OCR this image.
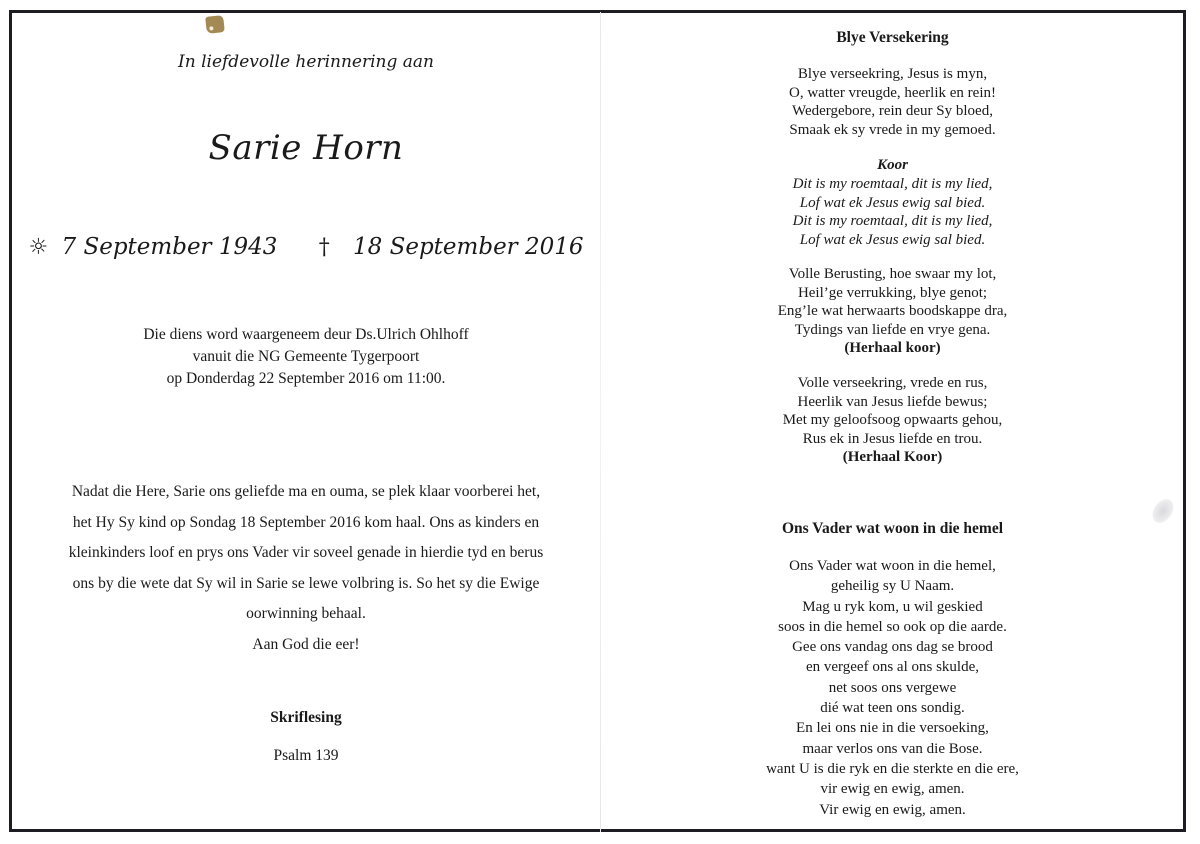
In liefdevolle herinnering aan
Sarie Horn
☼ 7 September 1943 † 18 September 2016
Die diens word waargeneem deur Ds.Ulrich Ohlhoff
vanuit die NG Gemeente Tygerpoort
op Donderdag 22 September 2016 om 11:00.
Nadat die Here, Sarie ons geliefde ma en ouma, se plek klaar voorberei het,
het Hy Sy kind op Sondag 18 September 2016 kom haal. Ons as kinders en
kleinkinders loof en prys ons Vader vir soveel genade in hierdie tyd en berus
ons by die wete dat Sy wil in Sarie se lewe volbring is. So het sy die Ewige
oorwinning behaal.
Aan God die eer!
Skriflesing
Psalm 139
Blye Versekering
Blye verseekring, Jesus is myn,
O, watter vreugde, heerlik en rein!
Wedergebore, rein deur Sy bloed,
Smaak ek sy vrede in my gemoed.
Koor
Dit is my roemtaal, dit is my lied,
Lof wat ek Jesus ewig sal bied.
Dit is my roemtaal, dit is my lied,
Lof wat ek Jesus ewig sal bied.
Volle Berusting, hoe swaar my lot,
Heil’ge verrukking, blye genot;
Eng’le wat herwaarts boodskappe dra,
Tydings van liefde en vrye gena.
(Herhaal koor)
Volle verseekring, vrede en rus,
Heerlik van Jesus liefde bewus;
Met my geloofsoog opwaarts gehou,
Rus ek in Jesus liefde en trou.
(Herhaal Koor)
Ons Vader wat woon in die hemel
Ons Vader wat woon in die hemel,
geheilig sy U Naam.
Mag u ryk kom, u wil geskied
soos in die hemel so ook op die aarde.
Gee ons vandag ons dag se brood
en vergeef ons al ons skulde,
net soos ons vergewe
dié wat teen ons sondig.
En lei ons nie in die versoeking,
maar verlos ons van die Bose.
want U is die ryk en die sterkte en die ere,
vir ewig en ewig, amen.
Vir ewig en ewig, amen.
